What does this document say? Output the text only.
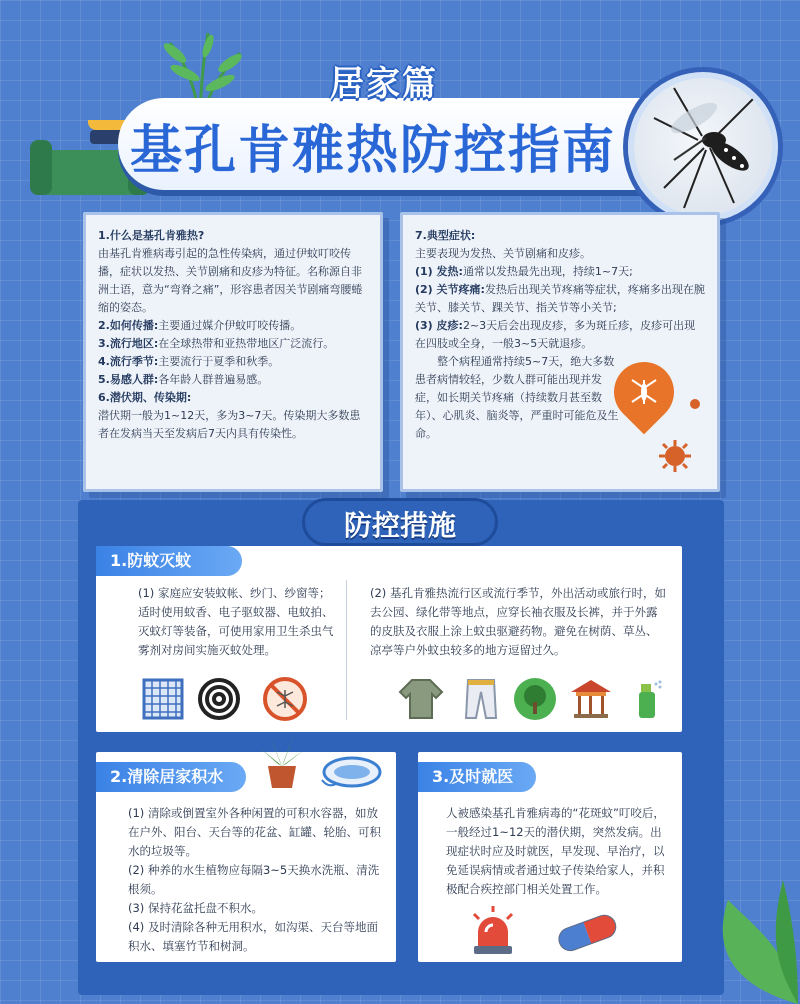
居家篇
基孔肯雅热防控指南
1.什么是基孔肯雅热?
由基孔肯雅病毒引起的急性传染病，通过伊蚊叮咬传播，症状以发热、关节剧痛和皮疹为特征。名称源自非洲土语，意为“弯脊之痛”，形容患者因关节剧痛弯腰蜷缩的姿态。
2.如何传播:主要通过媒介伊蚊叮咬传播。
3.流行地区:在全球热带和亚热带地区广泛流行。
4.流行季节:主要流行于夏季和秋季。
5.易感人群:各年龄人群普遍易感。
6.潜伏期、传染期:
潜伏期一般为1~12天，多为3~7天。传染期大多数患者在发病当天至发病后7天内具有传染性。
7.典型症状:
主要表现为发热、关节剧痛和皮疹。
(1) 发热:通常以发热最先出现，持续1~7天;
(2) 关节疼痛:发热后出现关节疼痛等症状，疼痛多出现在腕关节、膝关节、踝关节、指关节等小关节;
(3) 皮疹:2~3天后会出现皮疹，多为斑丘疹，皮疹可出现在四肢或全身，一般3~5天就退疹。
整个病程通常持续5~7天，绝大多数患者病情较轻，少数人群可能出现并发症，如长期关节疼痛（持续数月甚至数年）、心肌炎、脑炎等，严重时可能危及生命。
防控措施
1.防蚊灭蚊
(1) 家庭应安装蚊帐、纱门、纱窗等；适时使用蚊香、电子驱蚊器、电蚊拍、灭蚊灯等装备，可使用家用卫生杀虫气雾剂对房间实施灭蚊处理。
(2) 基孔肯雅热流行区或流行季节，外出活动或旅行时，如去公园、绿化带等地点，应穿长袖衣服及长裤，并于外露的皮肤及衣服上涂上蚊虫驱避药物。避免在树荫、草丛、凉亭等户外蚊虫较多的地方逗留过久。
2.清除居家积水
(1) 清除或倒置室外各种闲置的可积水容器，如放在户外、阳台、天台等的花盆、缸罐、轮胎、可积水的垃圾等。
(2) 种养的水生植物应每隔3~5天换水洗瓶、清洗根须。
(3) 保持花盆托盘不积水。
(4) 及时清除各种无用积水，如沟渠、天台等地面积水、填塞竹节和树洞。
3.及时就医
人被感染基孔肯雅病毒的“花斑蚊”叮咬后，一般经过1~12天的潜伏期，突然发病。出现症状时应及时就医，早发现、早治疗，以免延误病情或者通过蚊子传染给家人，并积极配合疾控部门相关处置工作。
